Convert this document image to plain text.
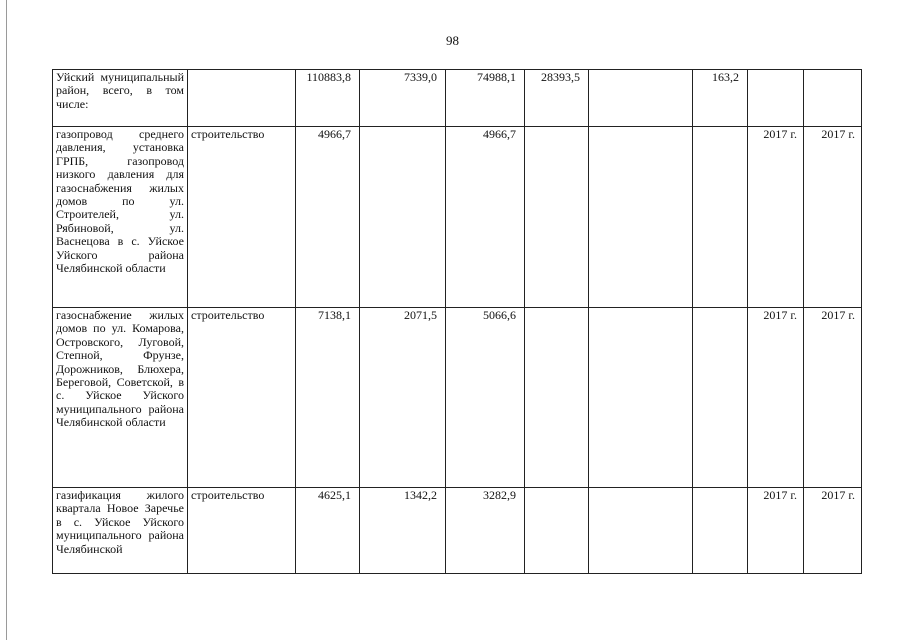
98
Уйский муниципальный район, всего, в том числе:		110883,8	7339,0	74988,1	28393,5		163,2		
газопровод среднего давления, установка ГРПБ, газопровод низкого давления для газоснабжения жилых домов по ул. Строителей, ул. Рябиновой, ул. Васнецова в с. Уйское Уйского района Челябинской области	строительство	4966,7		4966,7				2017 г.	2017 г.
газоснабжение жилых домов по ул. Комарова, Островского, Луговой, Степной, Фрунзе, Дорожников, Блюхера, Береговой, Советской, в с. Уйское Уйского муниципального района Челябинской области	строительство	7138,1	2071,5	5066,6				2017 г.	2017 г.
газификация жилого квартала Новое Заречье в с. Уйское Уйского муниципального района Челябинской	строительство	4625,1	1342,2	3282,9				2017 г.	2017 г.
